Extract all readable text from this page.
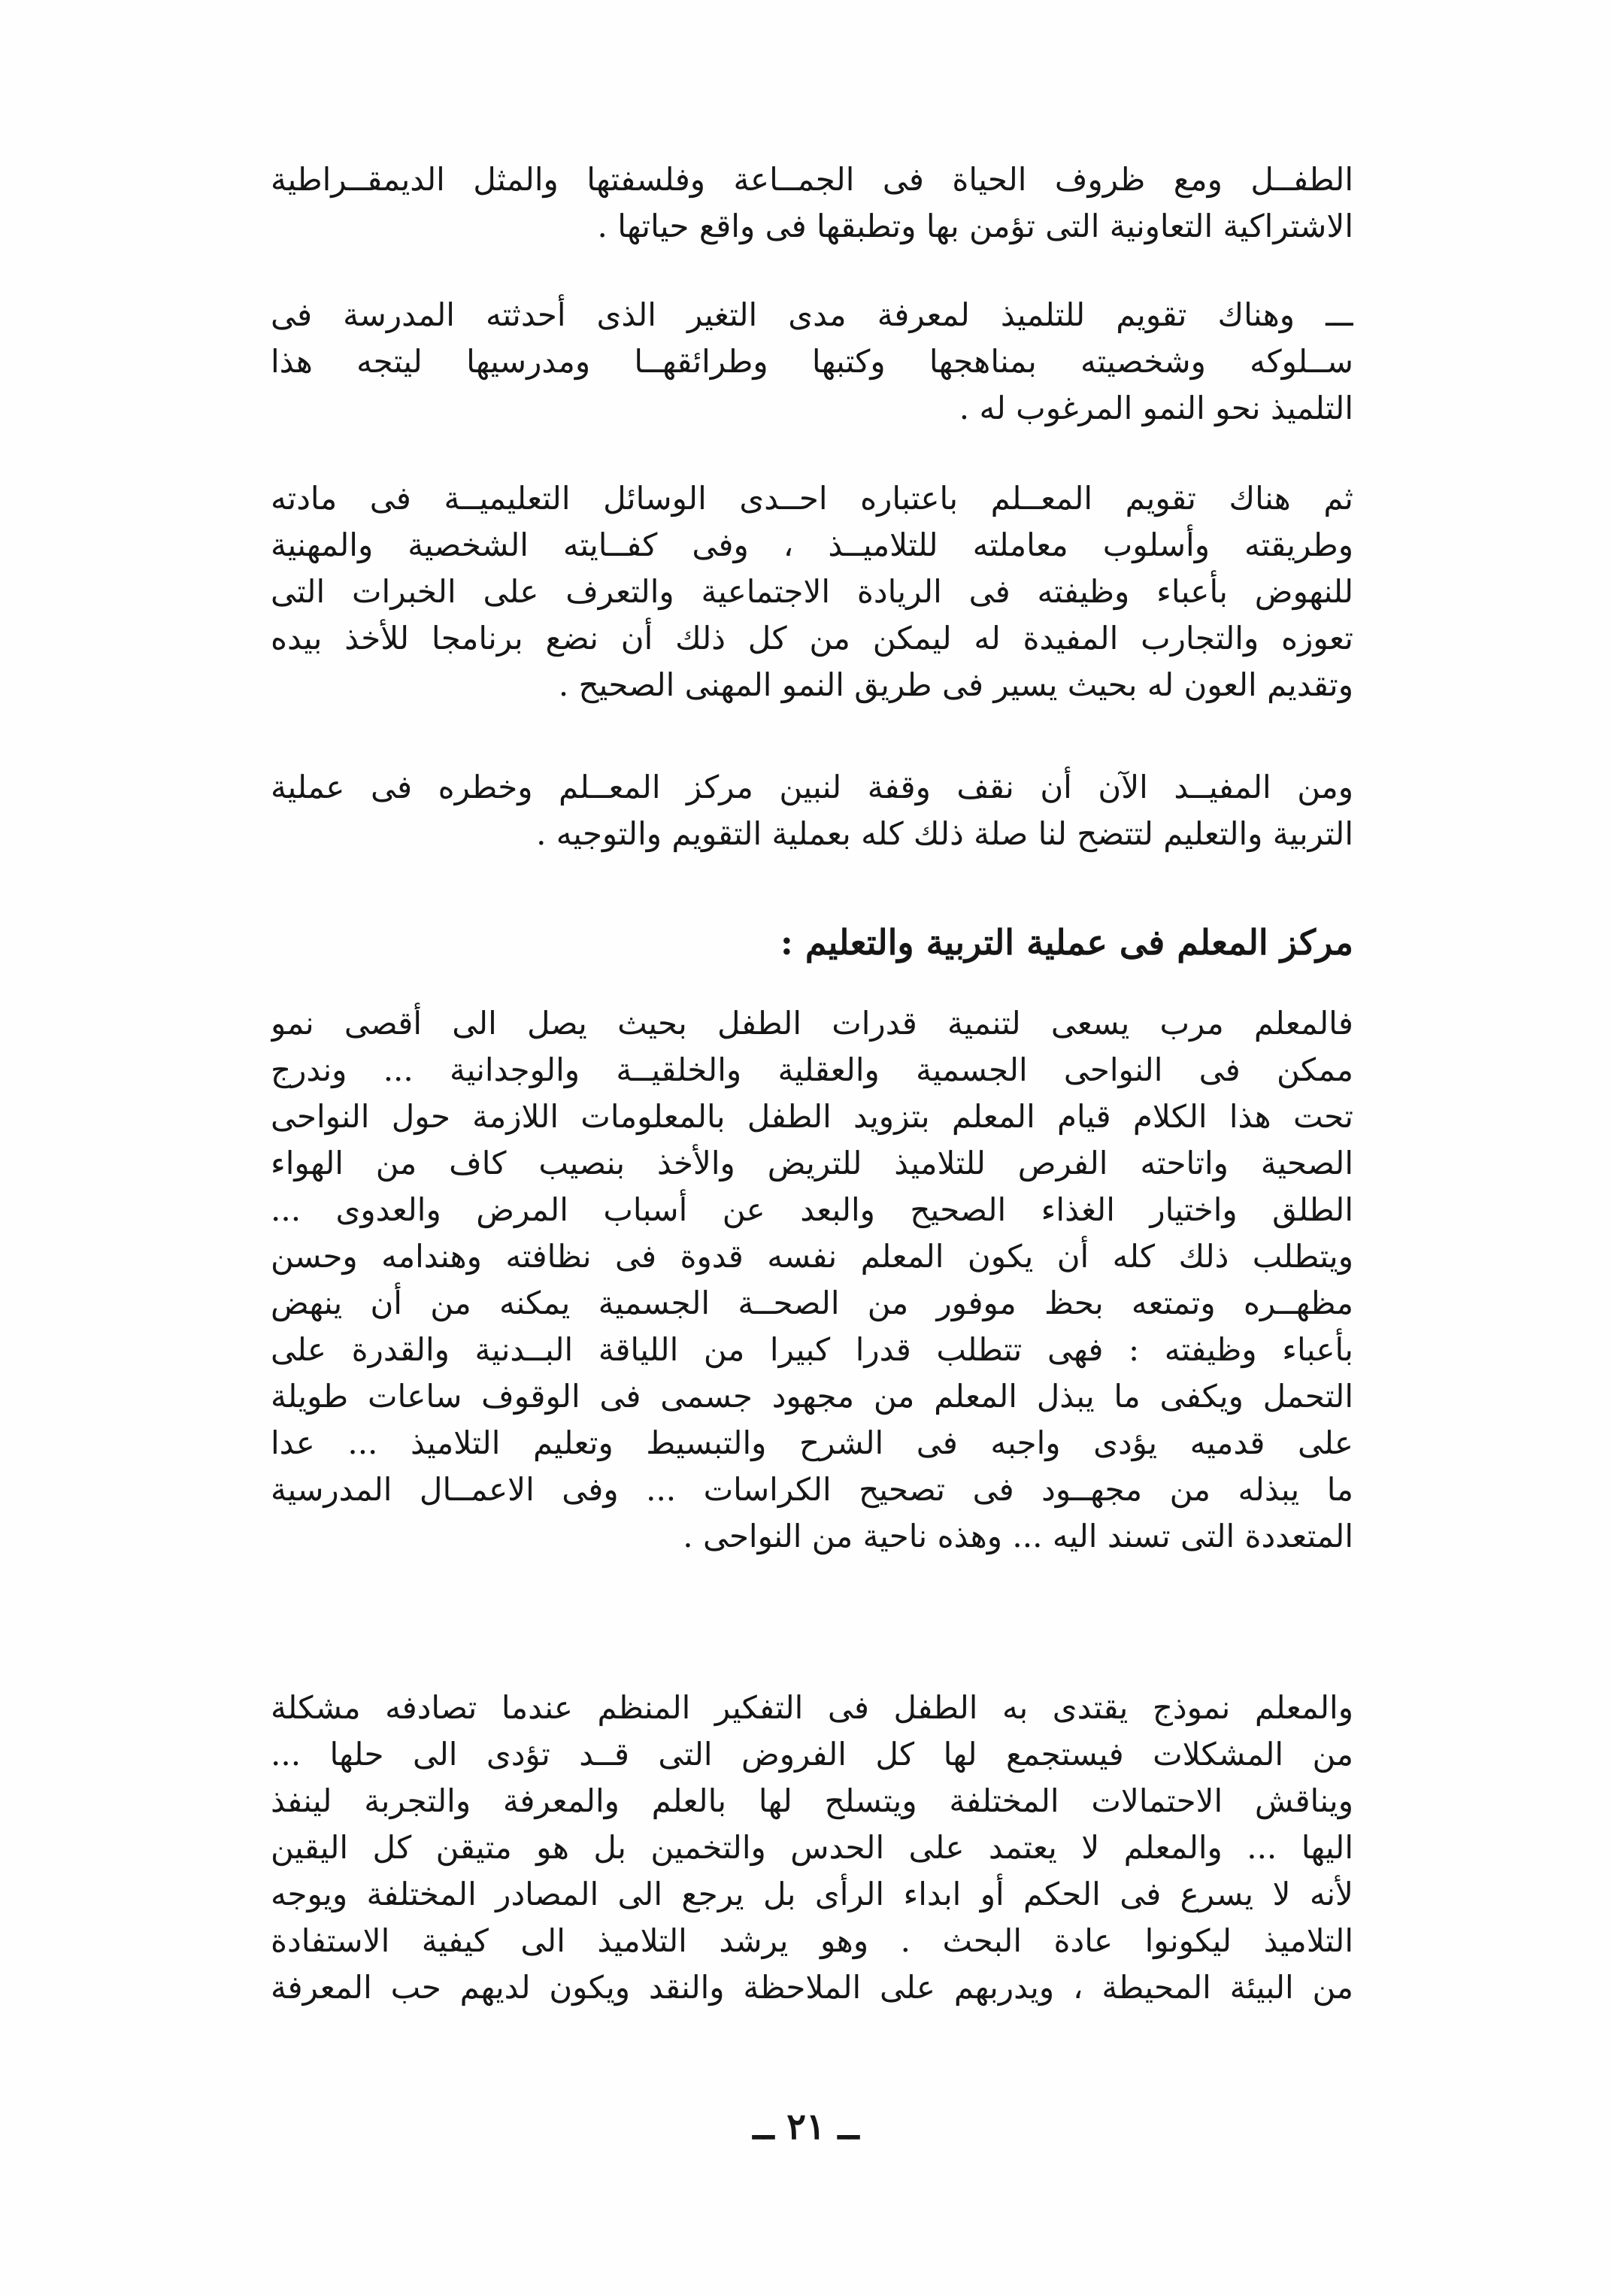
الطفــل ومع ظروف الحياة فى الجمــاعة وفلسفتها والمثل الديمقــراطية
الاشتراكية التعاونية التى تؤمن بها وتطبقها فى واقع حياتها .
ـــ وهناك تقويم للتلميذ لمعرفة مدى التغير الذى أحدثته المدرسة فى
ســلوكه وشخصيته بمناهجها وكتبها وطرائقهــا ومدرسيها ليتجه هذا
التلميذ نحو النمو المرغوب له .
ثم هناك تقويم المعــلم باعتباره احــدى الوسائل التعليميــة فى مادته
وطريقته وأسلوب معاملته للتلاميــذ ، وفى كفــايته الشخصية والمهنية
للنهوض بأعباء وظيفته فى الريادة الاجتماعية والتعرف على الخبرات التى
تعوزه والتجارب المفيدة له ليمكن من كل ذلك أن نضع برنامجا للأخذ بيده
وتقديم العون له بحيث يسير فى طريق النمو المهنى الصحيح .
ومن المفيــد الآن أن نقف وقفة لنبين مركز المعــلم وخطره فى عملية
التربية والتعليم لتتضح لنا صلة ذلك كله بعملية التقويم والتوجيه .
مركز المعلم فى عملية التربية والتعليم :
فالمعلم مرب يسعى لتنمية قدرات الطفل بحيث يصل الى أقصى نمو
ممكن فى النواحى الجسمية والعقلية والخلقيــة والوجدانية ... وندرج
تحت هذا الكلام قيام المعلم بتزويد الطفل بالمعلومات اللازمة حول النواحى
الصحية واتاحته الفرص للتلاميذ للتريض والأخذ بنصيب كاف من الهواء
الطلق واختيار الغذاء الصحيح والبعد عن أسباب المرض والعدوى ...
ويتطلب ذلك كله أن يكون المعلم نفسه قدوة فى نظافته وهندامه وحسن
مظهــره وتمتعه بحظ موفور من الصحــة الجسمية يمكنه من أن ينهض
بأعباء وظيفته : فهى تتطلب قدرا كبيرا من اللياقة البــدنية والقدرة على
التحمل ويكفى ما يبذل المعلم من مجهود جسمى فى الوقوف ساعات طويلة
على قدميه يؤدى واجبه فى الشرح والتبسيط وتعليم التلاميذ ... عدا
ما يبذله من مجهــود فى تصحيح الكراسات ... وفى الاعمــال المدرسية
المتعددة التى تسند اليه ... وهذه ناحية من النواحى .
والمعلم نموذج يقتدى به الطفل فى التفكير المنظم عندما تصادفه مشكلة
من المشكلات فيستجمع لها كل الفروض التى قــد تؤدى الى حلها ...
ويناقش الاحتمالات المختلفة ويتسلح لها بالعلم والمعرفة والتجربة لينفذ
اليها ... والمعلم لا يعتمد على الحدس والتخمين بل هو متيقن كل اليقين
لأنه لا يسرع فى الحكم أو ابداء الرأى بل يرجع الى المصادر المختلفة ويوجه
التلاميذ ليكونوا عادة البحث . وهو يرشد التلاميذ الى كيفية الاستفادة
من البيئة المحيطة ، ويدربهم على الملاحظة والنقد ويكون لديهم حب المعرفة
ــ ٢١ ــ
